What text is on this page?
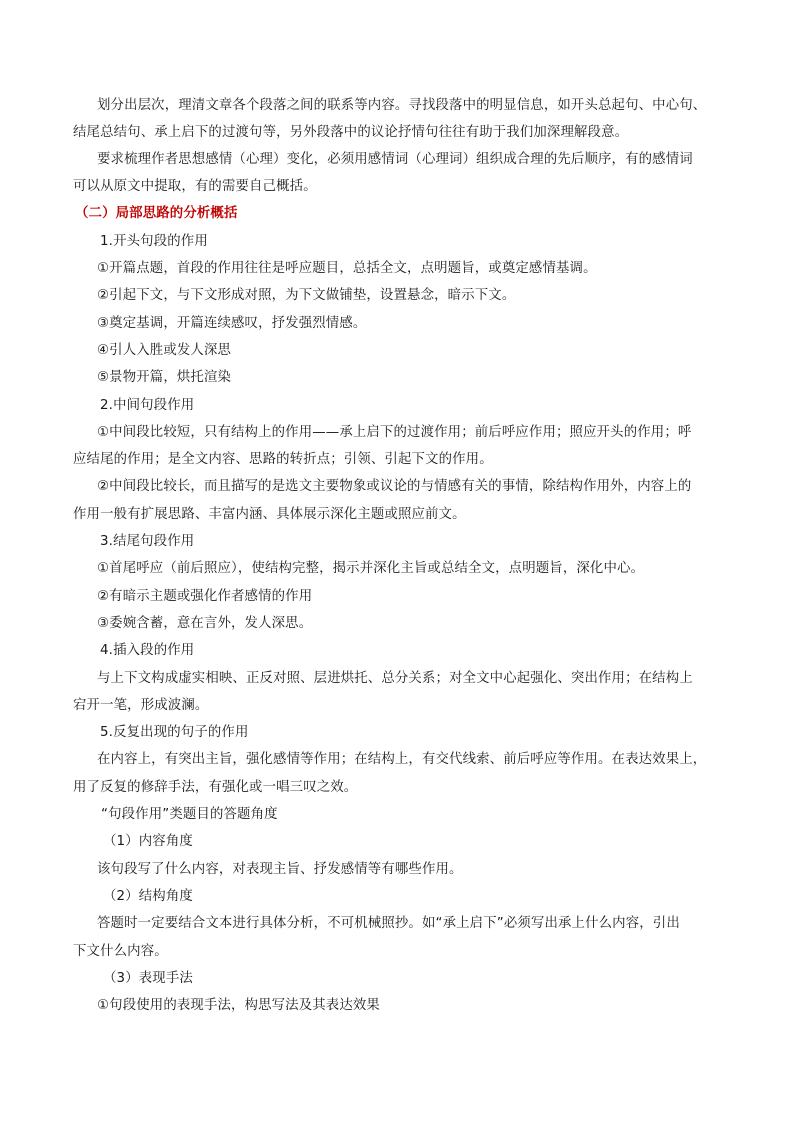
划分出层次，理清文章各个段落之间的联系等内容。寻找段落中的明显信息，如开头总起句、中心句、
结尾总结句、承上启下的过渡句等，另外段落中的议论抒情句往往有助于我们加深理解段意。
要求梳理作者思想感情（心理）变化，必须用感情词（心理词）组织成合理的先后顺序，有的感情词
可以从原文中提取，有的需要自己概括。
（二）局部思路的分析概括
1.开头句段的作用
①开篇点题，首段的作用往往是呼应题目，总括全文，点明题旨，或奠定感情基调。
②引起下文，与下文形成对照，为下文做铺垫，设置悬念，暗示下文。
③奠定基调，开篇连续感叹，抒发强烈情感。
④引人入胜或发人深思
⑤景物开篇，烘托渲染
2.中间句段作用
①中间段比较短，只有结构上的作用——承上启下的过渡作用；前后呼应作用；照应开头的作用；呼
应结尾的作用；是全文内容、思路的转折点；引领、引起下文的作用。
②中间段比较长，而且描写的是选文主要物象或议论的与情感有关的事情，除结构作用外，内容上的
作用一般有扩展思路、丰富内涵、具体展示深化主题或照应前文。
3.结尾句段作用
①首尾呼应（前后照应），使结构完整，揭示并深化主旨或总结全文，点明题旨，深化中心。
②有暗示主题或强化作者感情的作用
③委婉含蓄，意在言外，发人深思。
4.插入段的作用
与上下文构成虚实相映、正反对照、层进烘托、总分关系；对全文中心起强化、突出作用；在结构上
宕开一笔，形成波澜。
5.反复出现的句子的作用
在内容上，有突出主旨，强化感情等作用；在结构上，有交代线索、前后呼应等作用。在表达效果上，
用了反复的修辞手法，有强化或一唱三叹之效。
“句段作用”类题目的答题角度
（1）内容角度
该句段写了什么内容，对表现主旨、抒发感情等有哪些作用。
（2）结构角度
答题时一定要结合文本进行具体分析，不可机械照抄。如“承上启下”必须写出承上什么内容，引出
下文什么内容。
（3）表现手法
①句段使用的表现手法，构思写法及其表达效果
